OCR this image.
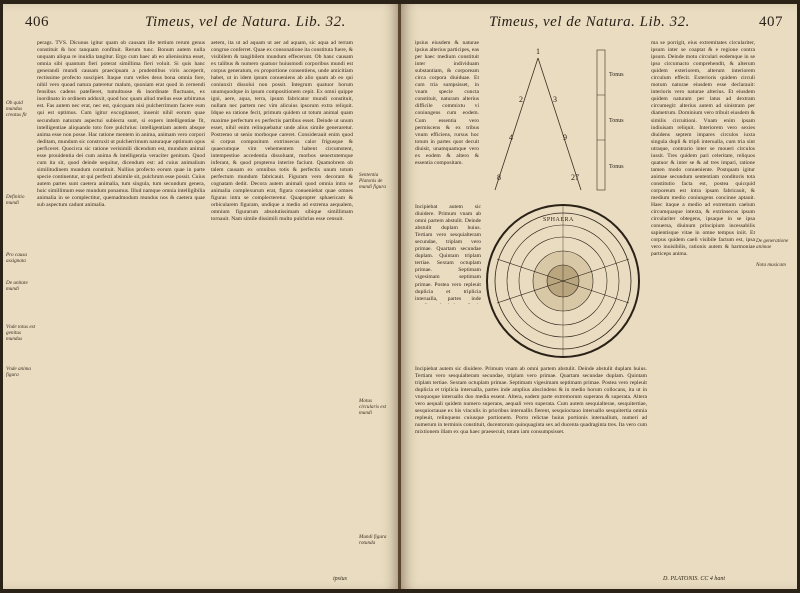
406	Timeus, vel de Natura. Lib. 32.

perags. TVS. Dicunus igitur quam ob causam ille tertium rerum genus constituit & hoc tanquam confituit. Rerum tunc. Bonum autem nulla unquam aliqua re inuidia tangitur. Ergo cum haec ab eo alienissima esset, omnia sibi quantum fieri poterat simillima fieri voluit. Si quis hanc generandi mundi causam praecipuam a prudentibus viris acceperit, rectissime profecto suscipiet. Itaque cum velles deus bona omnia fore, nihil vero quoad natura pateretur malum, quoniam erat quod in cernendi fensibus cadens patefieret, tumultuose & inordinate fluctuans, ex inordinato in ordinem adduxit, quod hoc quam aliud melius esse arbitratus est. Fas autem nec erat, nec est, quicquam nisi pulcherrimum facere eum qui est optimus. Cum igitur excogitasset, inuenit nihil eorum quae secundum naturam aspectui subiecta sunt, si expers intelligentiae fit, intelligentiae aliquando toto fore pulchrius: intelligentiam autem absque anima esse non posse. Hac ratione mentem in anima, animam vero corpori deditam, mundum sic construxit ut pulcherrimum naturaque optimum opus perficeret. Quocirca sic ratione verisimili dicendum est, mundum animal esse prouidentia dei cum anima & intelligentia veraciter genitum. Quod cum ita sit, quod deinde sequitur, dicendum est: ad cuius animalium similitudinem mundum constituit. Nullius profecto eorum quae in parte specie continentur, ut qui perfecti absimile sit, pulchrum esse possit. Cuius autem partes sunt caetera animalia, tum singula, tum secundum genera, huic simillimum esse mundum ponamus. Illud namque omnia intelligibilia animalia in se complectitur, quemadmodum mundus nos & caetera quae sub aspectum cadunt animalia.

aetem, ita ut ad aquam ut aer ad aquam, sic aqua ad terram congrue conferret. Quae ex consonatione ita constituta fuere, & visibilem & tangibilem mundum effecerunt. Ob hanc causam ex talibus & numero quatuor huiusmodi corporibus mundi est corpus generatum, ex proportione consentiens, unde amicitiam habet, ut in idem ipsum conueniens ab alio quam ab eo qui coniunxit dissolui non possit. Integrum quatuor horum unumquodque in ipsum compositionem cepit. Ex omni quippe igni, aere, aqua, terra, ipsum fabricator mundi constituit, nullam nec partem nec vim alicuius ipsorum extra reliquit. Idque ea ratione fecit, primum quidem ut totum animal quam maxime perfectum ex perfectis partibus esset. Deinde ut unum esset, nihil enim relinquebatur unde alius simile generaretur. Postremo ut senio morboque careret. Considerauit enim quod si corpus compositum extrinsecus calor frigusque & quaecumque vim vehementem habent circumstent, intempestiue accedentia dissoluant, morbos senectutemque inferant, & quod propterea interire faciunt. Quamobrem ob talem causam ex omnibus totis & perfectis unum totum perfectum mundum fabricauit. Figuram vero decoram & cognatam dedit. Decora autem animali quod omnia intra se animalia complexurum erat, figura conueniebat quae omnes figuras intra se complecteretur. Quapropter sphaericam & orbicularem figuram, undique a medio ad extrema aequalem, omnium figurarum absolutissimam sibique simillimam tornauit. Nam simile dissimili multo pulchrius esse censuit.

Ob quid mundus creatus fit
Definitio mundi
Pro causa assignata
De unitate mundi
Vnde totus est genitus mundus
Vnde anima figura
Sententia Platonis de mundi figura
Motus circularis est mundi
Mundi figura rotunda
ipsius
Timeus, vel de Natura. Lib. 32.	407

ipsius eiusdem & naturae ipsius alterius participes, eas per haec medium constituit inter individuam substantiam, & corpoream circa corpora diuiduae. Et cum tria sumpsisset, in vnam specie cuncta constituit, naturam alterius difficile commixtu vi coniungens cum eodem. Cum essentia vero permiscens & ex tribus vnum efficiens, rursus hoc totum in partes quot decuit diuisit, unamquamque vero ex eodem & altero & essentia compositam.

1
2
4
8
3
9
27
Tonus
Tonus
Tonus
SPHAERA

Incipiebat autem sic diuidere. Primum vnam ab omni partem abstulit. Deinde abstulit duplam huius. Tertiam vero sesquialteram secundae, triplam vero primae. Quartam secundae duplam. Quintam triplam tertiae. Sextam octuplam primae. Septimam vigesimam septimam primae. Postea vero repleuit duplicia et triplicia interualla, partes inde

Incipiebat autem sic diuidere. Primum vnam ab omni partem abstulit. Deinde abstulit duplam huius. Tertiam vero sesquialteram secundae, triplam vero primae. Quartam secundae duplam. Quintam triplam tertiae. Sextam octuplam primae. Septimam vigesimam septimam primae. Postea vero repleuit duplicia et triplicia interualla, partes inde amplius abscindens & in medio horum collocans, ita ut in vnoquoque interuallo duo media essent. Altera, eadem parte extremorum superans & superata. Altera vero aequali quidem numero superans, aequali vero superata. Cum autem sesquialterae, sesquitertiae, sesquioctauae ex his vinculis in prioribus interuallis fierent, sesquioctauo interuallo sesquitertia omnia repleuit, relinquens cuiusque portionem. Porro relictae huius portionis interuallum, numeri ad numerum in terminis constituit, ducentorum quinquaginta sex ad ducenta quadraginta tres. Ita vero cum mixtionem illam ex qua haec praesecuit, totam iam consumpsisset.

ma se porrigit, eius extremitates circulariter, ipsum inter se coaptat & e regione contra ipsum. Deinde motu circulari eodemque in se ipso circumacto comprehendit, & alterum quidem exteriorem, alterum interiorem circulum effecit. Exterioris quidem circuli motum naturae eiusdem esse declarauit: interioris vero naturae alterius. Et eiusdem quidem naturam per latus ad dextram circumegit: alterius autem ad sinistram per diametrum. Dominium vero tribuit eiusdem & similis circuitioni. Vnam enim ipsam indiuisam reliquit. Interiorem vero sexies diuidens septem impares circulos iuxta singula dupli & tripli interualla, cum tria sint utraque, contrario inter se moueri circulos iussit. Tres quidem pari celeritate, reliquos quatuor & inter se & ad tres impari, ratione tamen modo conueniente. Postquam igitur animae secundum sententiam conditoris tota constitutio facta est, postea quicquid corporeum est intra ipsam fabricauit, & medium medio coniungens concinne aptauit. Haec itaque a medio ad extremum caelum circumquaque intexta, & extrinsecus ipsum circulariter obtegens, ipsaque in se ipsa conuersa, diuinum principium incessabilis sapientisque vitae in omne tempus iniit. Et corpus quidem caeli visibile factum est, ipsa vero inuisibilis, rationis autem & harmoniae particeps anima.

De generatione animae
Nota musicam
D. PLATONIS. CC 4 hant
